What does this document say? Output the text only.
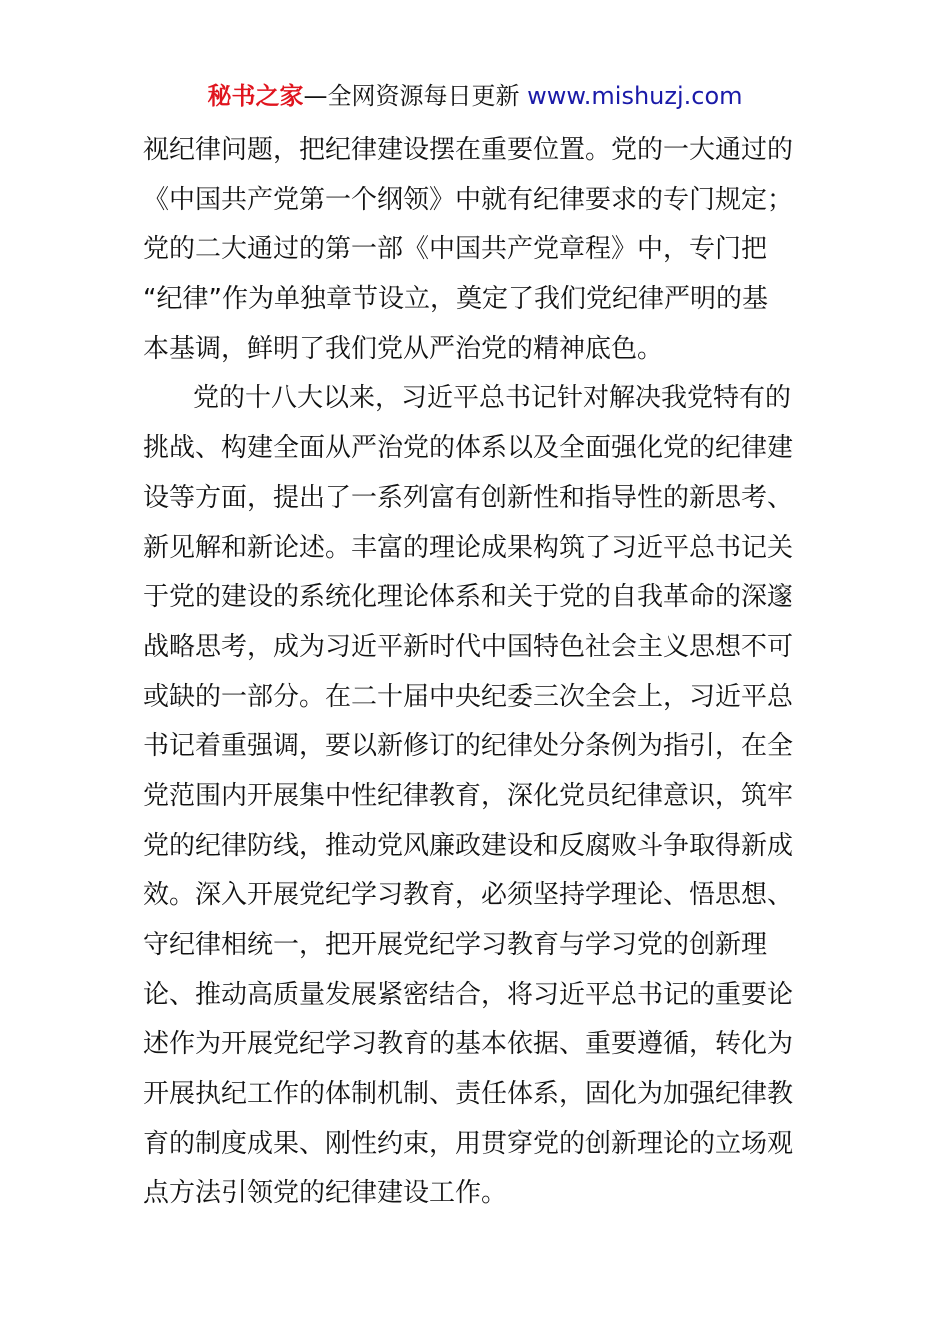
秘书之家—全网资源每日更新 www.mishuzj.com
视纪律问题，把纪律建设摆在重要位置。党的一大通过的
《中国共产党第一个纲领》中就有纪律要求的专门规定；
党的二大通过的第一部《中国共产党章程》中，专门把
“纪律”作为单独章节设立，奠定了我们党纪律严明的基
本基调，鲜明了我们党从严治党的精神底色。
党的十八大以来，习近平总书记针对解决我党特有的
挑战、构建全面从严治党的体系以及全面强化党的纪律建
设等方面，提出了一系列富有创新性和指导性的新思考、
新见解和新论述。丰富的理论成果构筑了习近平总书记关
于党的建设的系统化理论体系和关于党的自我革命的深邃
战略思考，成为习近平新时代中国特色社会主义思想不可
或缺的一部分。在二十届中央纪委三次全会上，习近平总
书记着重强调，要以新修订的纪律处分条例为指引，在全
党范围内开展集中性纪律教育，深化党员纪律意识，筑牢
党的纪律防线，推动党风廉政建设和反腐败斗争取得新成
效。深入开展党纪学习教育，必须坚持学理论、悟思想、
守纪律相统一，把开展党纪学习教育与学习党的创新理
论、推动高质量发展紧密结合，将习近平总书记的重要论
述作为开展党纪学习教育的基本依据、重要遵循，转化为
开展执纪工作的体制机制、责任体系，固化为加强纪律教
育的制度成果、刚性约束，用贯穿党的创新理论的立场观
点方法引领党的纪律建设工作。
